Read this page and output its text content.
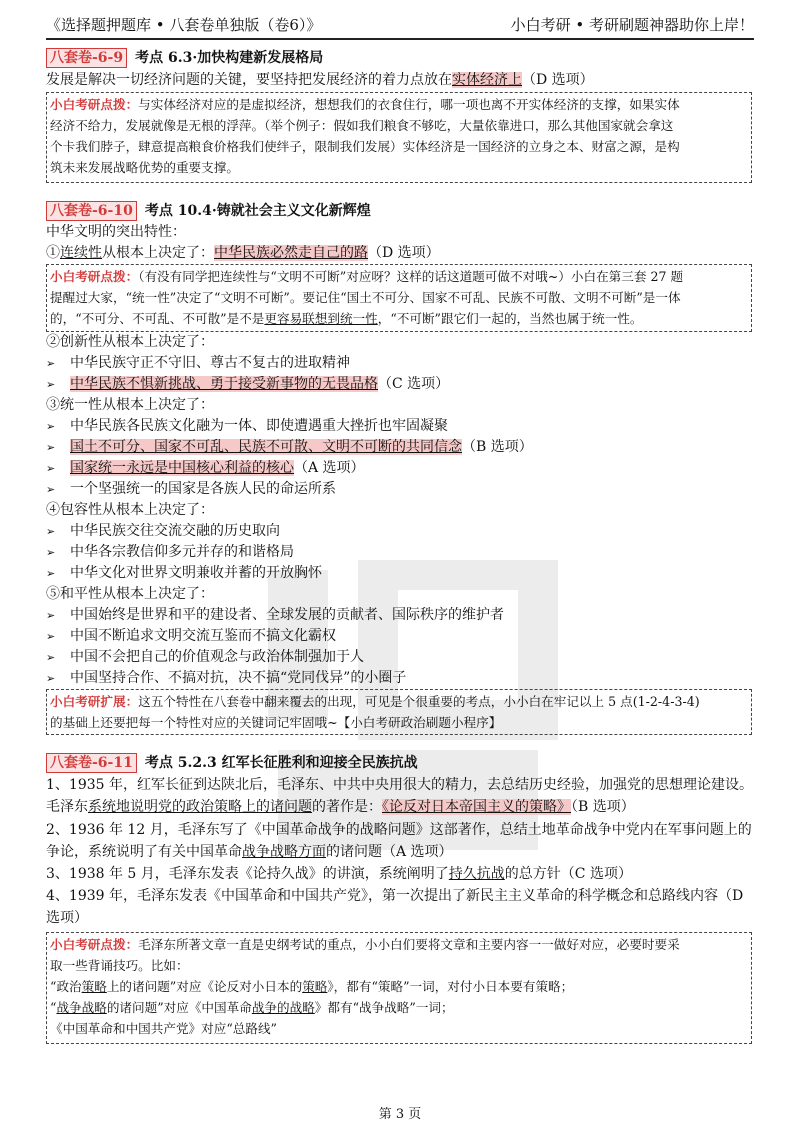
《选择题押题库 • 八套卷单独版（卷6）》	小白考研 • 考研刷题神器助你上岸！
八套卷-6-9 考点 6.3·加快构建新发展格局
发展是解决一切经济问题的关键，要坚持把发展经济的着力点放在实体经济上（D 选项）
小白考研点拨：与实体经济对应的是虚拟经济，想想我们的衣食住行，哪一项也离不开实体经济的支撑，如果实体
经济不给力，发展就像是无根的浮萍。（举个例子：假如我们粮食不够吃，大量依靠进口，那么其他国家就会拿这
个卡我们脖子，肆意提高粮食价格我们使绊子，限制我们发展）实体经济是一国经济的立身之本、财富之源，是构
筑未来发展战略优势的重要支撑。
八套卷-6-10 考点 10.4·铸就社会主义文化新辉煌
中华文明的突出特性：
①连续性从根本上决定了：中华民族必然走自己的路（D 选项）
小白考研点拨：（有没有同学把连续性与“文明不可断”对应呀？这样的话这道题可做不对哦~）小白在第三套 27 题
提醒过大家，“统一性”决定了“文明不可断”。要记住“国土不可分、国家不可乱、民族不可散、文明不可断”是一体
的，“不可分、不可乱、不可散”是不是更容易联想到统一性，“不可断”跟它们一起的，当然也属于统一性。
②创新性从根本上决定了：
➢ 中华民族守正不守旧、尊古不复古的进取精神
➢ 中华民族不惧新挑战、勇于接受新事物的无畏品格（C 选项）
③统一性从根本上决定了：
➢ 中华民族各民族文化融为一体、即使遭遇重大挫折也牢固凝聚
➢ 国土不可分、国家不可乱、民族不可散、文明不可断的共同信念（B 选项）
➢ 国家统一永远是中国核心利益的核心（A 选项）
➢ 一个坚强统一的国家是各族人民的命运所系
④包容性从根本上决定了：
➢ 中华民族交往交流交融的历史取向
➢ 中华各宗教信仰多元并存的和谐格局
➢ 中华文化对世界文明兼收并蓄的开放胸怀
⑤和平性从根本上决定了：
➢ 中国始终是世界和平的建设者、全球发展的贡献者、国际秩序的维护者
➢ 中国不断追求文明交流互鉴而不搞文化霸权
➢ 中国不会把自己的价值观念与政治体制强加于人
➢ 中国坚持合作、不搞对抗，决不搞“党同伐异”的小圈子
小白考研扩展：这五个特性在八套卷中翻来覆去的出现，可见是个很重要的考点，小小白在牢记以上 5 点(1-2-4-3-4)
的基础上还要把每一个特性对应的关键词记牢固哦~【小白考研政治刷题小程序】
八套卷-6-11 考点 5.2.3 红军长征胜利和迎接全民族抗战
1、1935 年，红军长征到达陕北后，毛泽东、中共中央用很大的精力，去总结历史经验，加强党的思想理论建设。
毛泽东系统地说明党的政治策略上的诸问题的著作是：《论反对日本帝国主义的策略》（B 选项）
2、1936 年 12 月，毛泽东写了《中国革命战争的战略问题》这部著作，总结土地革命战争中党内在军事问题上的
争论，系统说明了有关中国革命战争战略方面的诸问题（A 选项）
3、1938 年 5 月，毛泽东发表《论持久战》的讲演，系统阐明了持久抗战的总方针（C 选项）
4、1939 年，毛泽东发表《中国革命和中国共产党》，第一次提出了新民主主义革命的科学概念和总路线内容（D
选项）
小白考研点拨：毛泽东所著文章一直是史纲考试的重点，小小白们要将文章和主要内容一一做好对应，必要时要采
取一些背诵技巧。比如：
“政治策略上的诸问题”对应《论反对小日本的策略》，都有“策略”一词，对付小日本要有策略；
“战争战略的诸问题”对应《中国革命战争的战略》都有“战争战略”一词；
《中国革命和中国共产党》对应“总路线”
第 3 页
